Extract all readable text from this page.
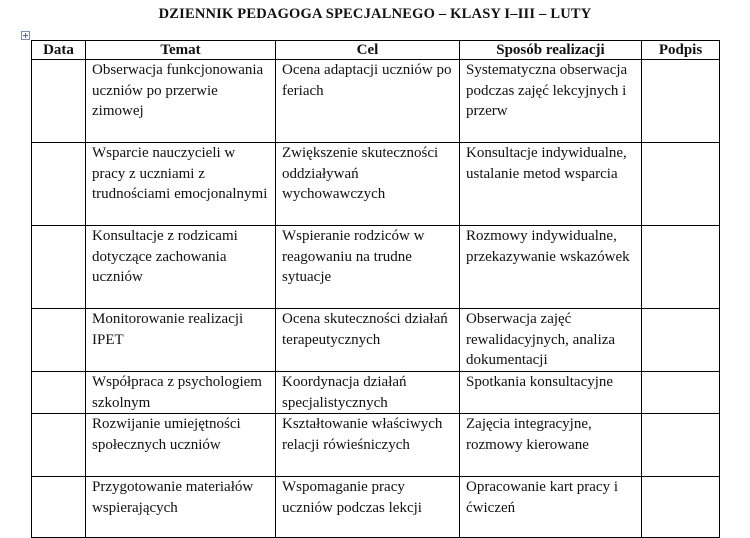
DZIENNIK PEDAGOGA SPECJALNEGO – KLASY I–III – LUTY
Data	Temat	Cel	Sposób realizacji	Podpis
	Obserwacja funkcjonowania uczniów po przerwie zimowej	Ocena adaptacji uczniów po feriach	Systematyczna obserwacja podczas zajęć lekcyjnych i przerw	
	Wsparcie nauczycieli w pracy z uczniami z trudnościami emocjonalnymi	Zwiększenie skuteczności oddziaływań wychowawczych	Konsultacje indywidualne, ustalanie metod wsparcia	
	Konsultacje z rodzicami dotyczące zachowania uczniów	Wspieranie rodziców w reagowaniu na trudne sytuacje	Rozmowy indywidualne, przekazywanie wskazówek	
	Monitorowanie realizacji IPET	Ocena skuteczności działań terapeutycznych	Obserwacja zajęć rewalidacyjnych, analiza dokumentacji	
	Współpraca z psychologiem szkolnym	Koordynacja działań specjalistycznych	Spotkania konsultacyjne	
	Rozwijanie umiejętności społecznych uczniów	Kształtowanie właściwych relacji rówieśniczych	Zajęcia integracyjne, rozmowy kierowane	
	Przygotowanie materiałów wspierających	Wspomaganie pracy uczniów podczas lekcji	Opracowanie kart pracy i ćwiczeń	
